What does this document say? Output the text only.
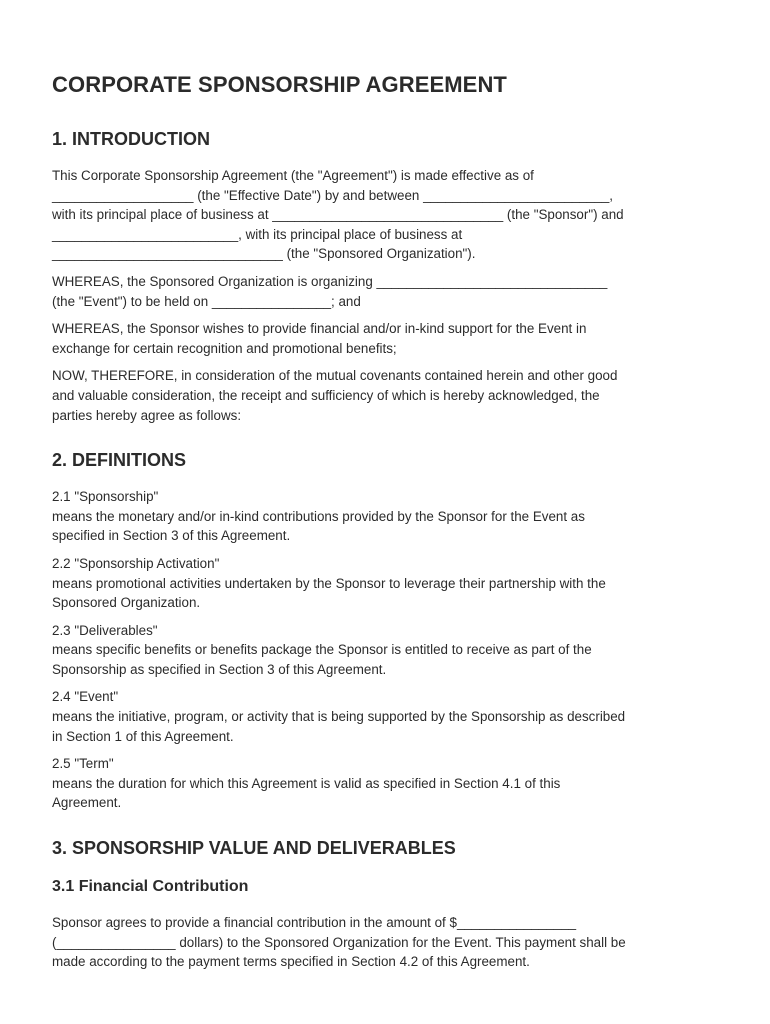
CORPORATE SPONSORSHIP AGREEMENT
1. INTRODUCTION

This Corporate Sponsorship Agreement (the "Agreement") is made effective as of
___________________ (the "Effective Date") by and between _________________________,
with its principal place of business at _______________________________ (the "Sponsor") and
_________________________, with its principal place of business at
_______________________________ (the "Sponsored Organization").

WHEREAS, the Sponsored Organization is organizing _______________________________
(the "Event") to be held on ________________; and

WHEREAS, the Sponsor wishes to provide financial and/or in-kind support for the Event in
exchange for certain recognition and promotional benefits;

NOW, THEREFORE, in consideration of the mutual covenants contained herein and other good
and valuable consideration, the receipt and sufficiency of which is hereby acknowledged, the
parties hereby agree as follows:

2. DEFINITIONS

2.1 "Sponsorship"

means the monetary and/or in-kind contributions provided by the Sponsor for the Event as
specified in Section 3 of this Agreement.

2.2 "Sponsorship Activation"

means promotional activities undertaken by the Sponsor to leverage their partnership with the
Sponsored Organization.

2.3 "Deliverables"

means specific benefits or benefits package the Sponsor is entitled to receive as part of the
Sponsorship as specified in Section 3 of this Agreement.

2.4 "Event"

means the initiative, program, or activity that is being supported by the Sponsorship as described
in Section 1 of this Agreement.

2.5 "Term"

means the duration for which this Agreement is valid as specified in Section 4.1 of this
Agreement.

3. SPONSORSHIP VALUE AND DELIVERABLES
3.1 Financial Contribution

Sponsor agrees to provide a financial contribution in the amount of $________________
(________________ dollars) to the Sponsored Organization for the Event. This payment shall be
made according to the payment terms specified in Section 4.2 of this Agreement.
